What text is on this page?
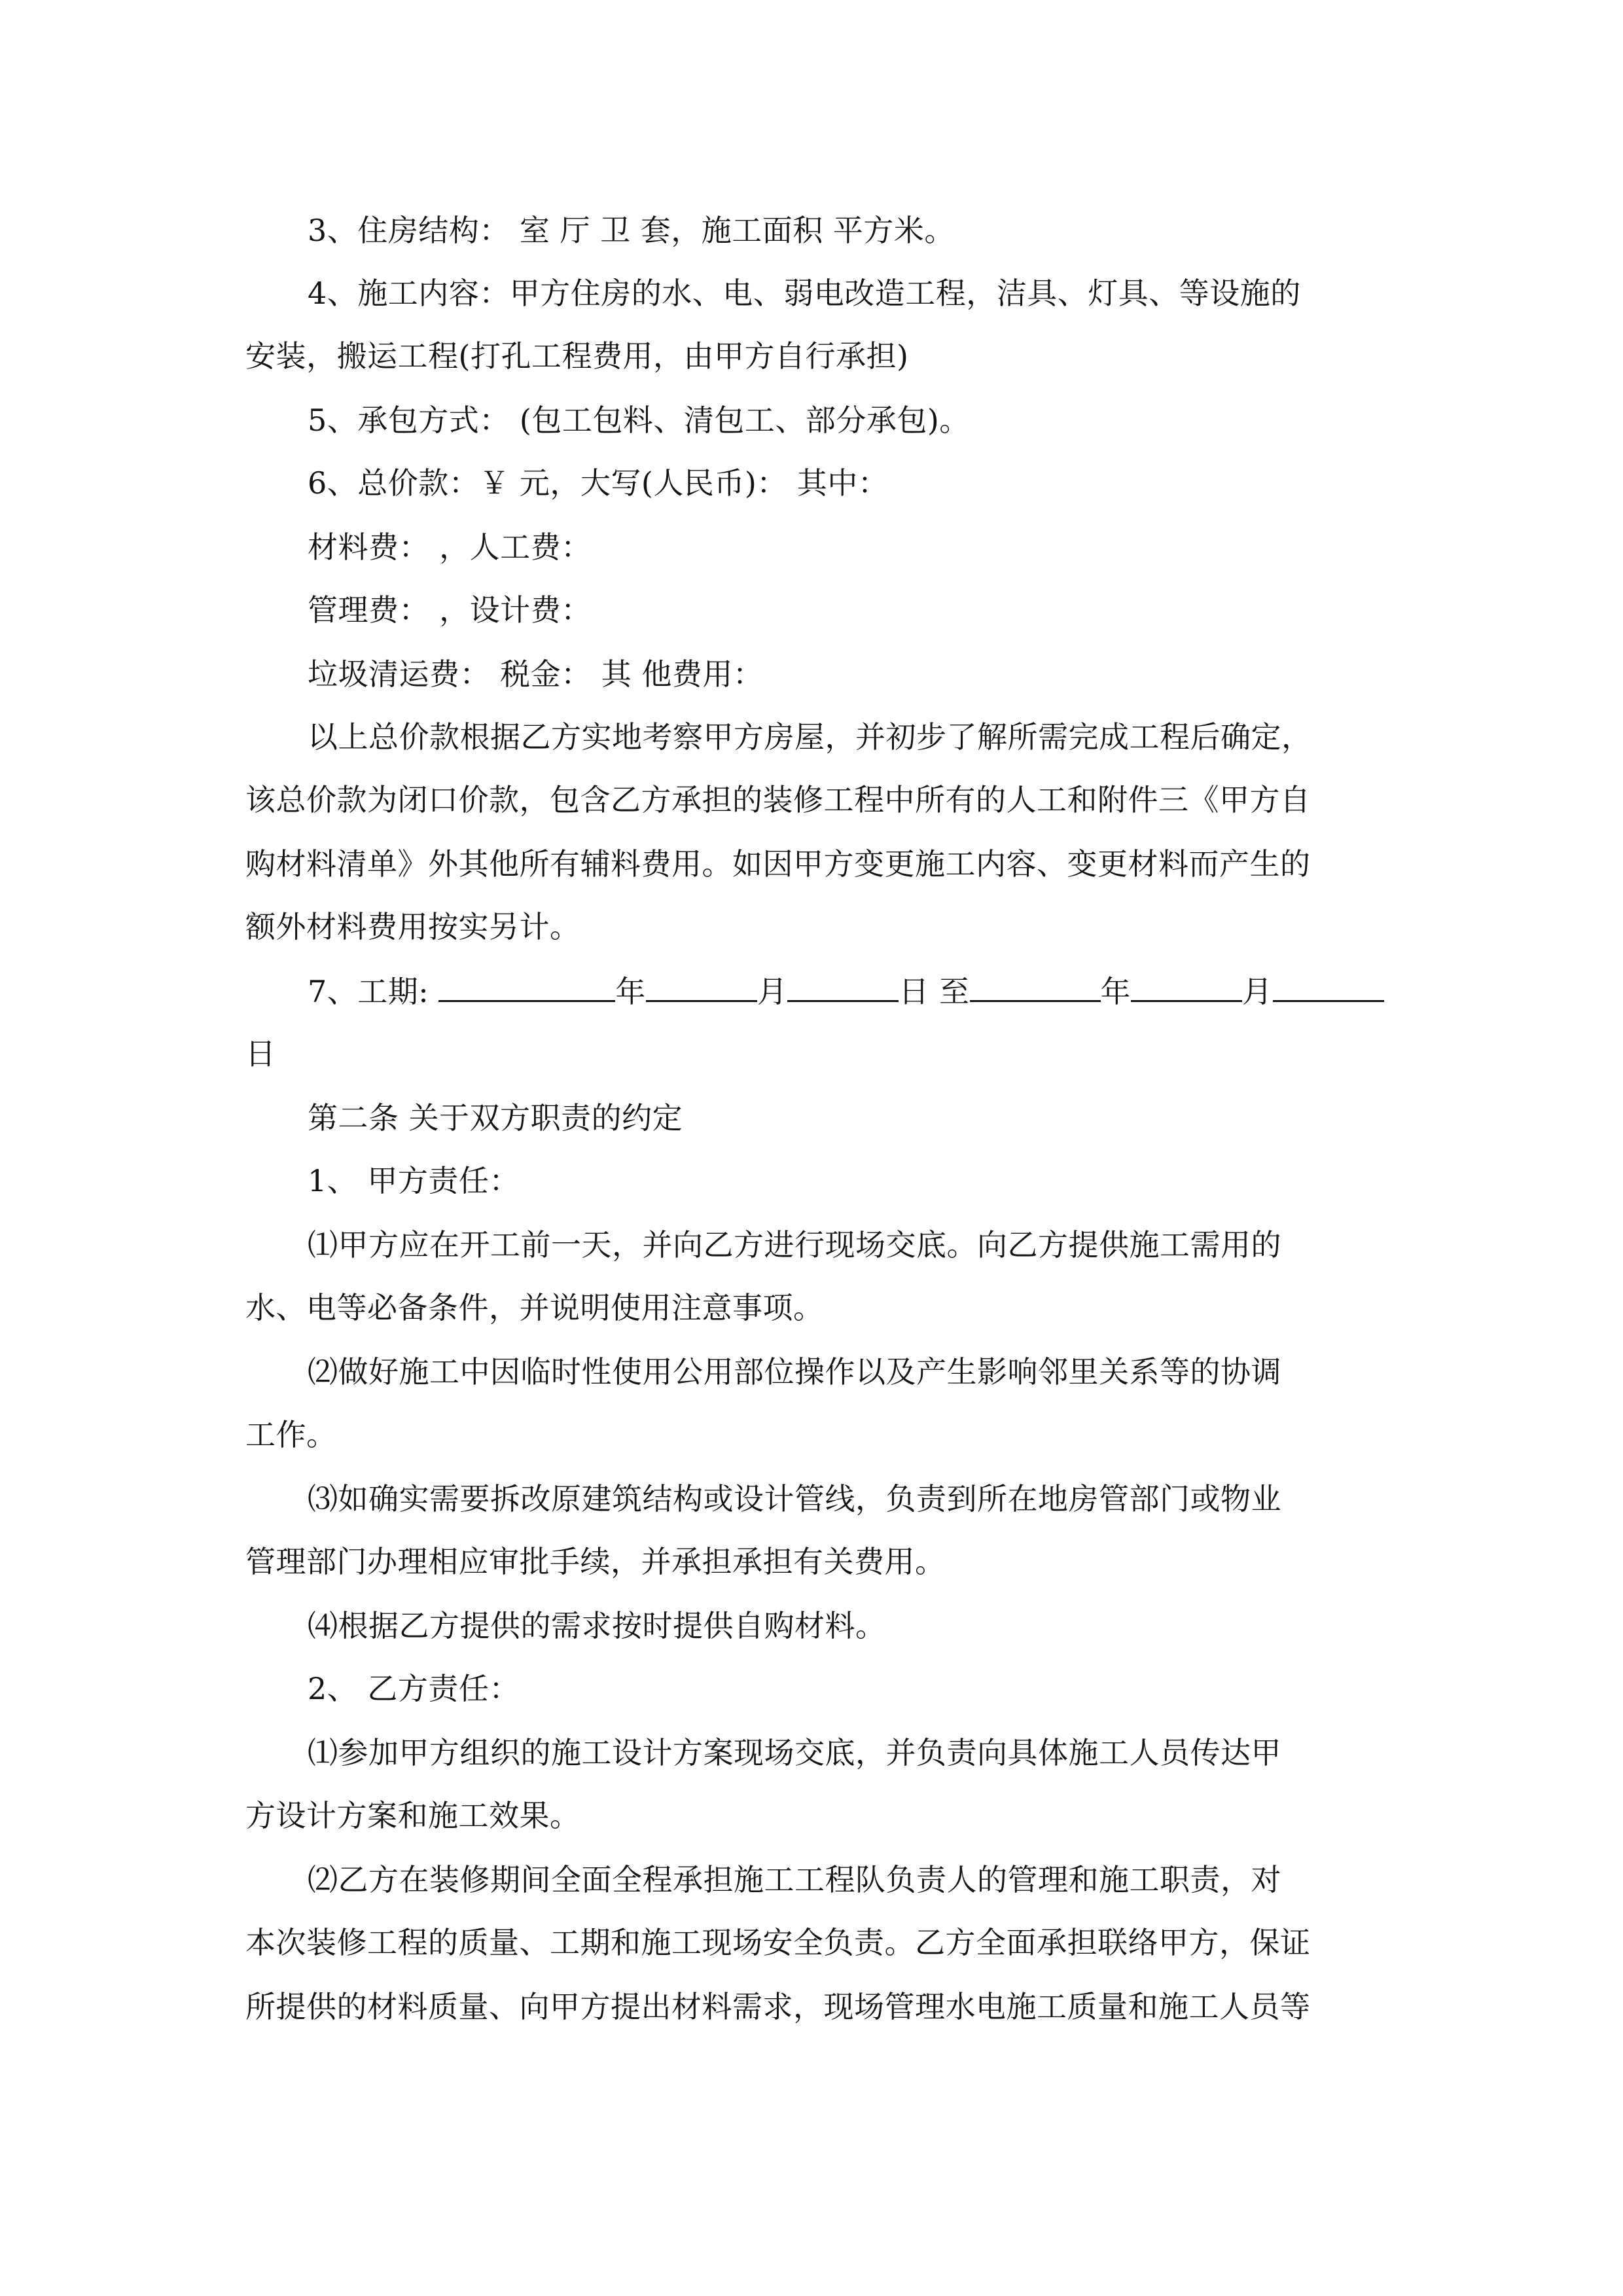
3、住房结构： 室 厅 卫 套，施工面积 平方米。
4、施工内容：甲方住房的水、电、弱电改造工程，洁具、灯具、等设施的
安装，搬运工程(打孔工程费用，由甲方自行承担)
5、承包方式： (包工包料、清包工、部分承包)。
6、总价款：￥ 元，大写(人民币)： 其中：
材料费： ，人工费：
管理费： ，设计费：
垃圾清运费： 税金： 其 他费用：
以上总价款根据乙方实地考察甲方房屋，并初步了解所需完成工程后确定，
该总价款为闭口价款，包含乙方承担的装修工程中所有的人工和附件三《甲方自
购材料清单》外其他所有辅料费用。如因甲方变更施工内容、变更材料而产生的
额外材料费用按实另计。
7、工期:	年	月	日 至	年	月
日
第二条 关于双方职责的约定
1、 甲方责任：
⑴甲方应在开工前一天，并向乙方进行现场交底。向乙方提供施工需用的
水、电等必备条件，并说明使用注意事项。
⑵做好施工中因临时性使用公用部位操作以及产生影响邻里关系等的协调
工作。
⑶如确实需要拆改原建筑结构或设计管线，负责到所在地房管部门或物业
管理部门办理相应审批手续，并承担承担有关费用。
⑷根据乙方提供的需求按时提供自购材料。
2、 乙方责任：
⑴参加甲方组织的施工设计方案现场交底，并负责向具体施工人员传达甲
方设计方案和施工效果。
⑵乙方在装修期间全面全程承担施工工程队负责人的管理和施工职责，对
本次装修工程的质量、工期和施工现场安全负责。乙方全面承担联络甲方，保证
所提供的材料质量、向甲方提出材料需求，现场管理水电施工质量和施工人员等
